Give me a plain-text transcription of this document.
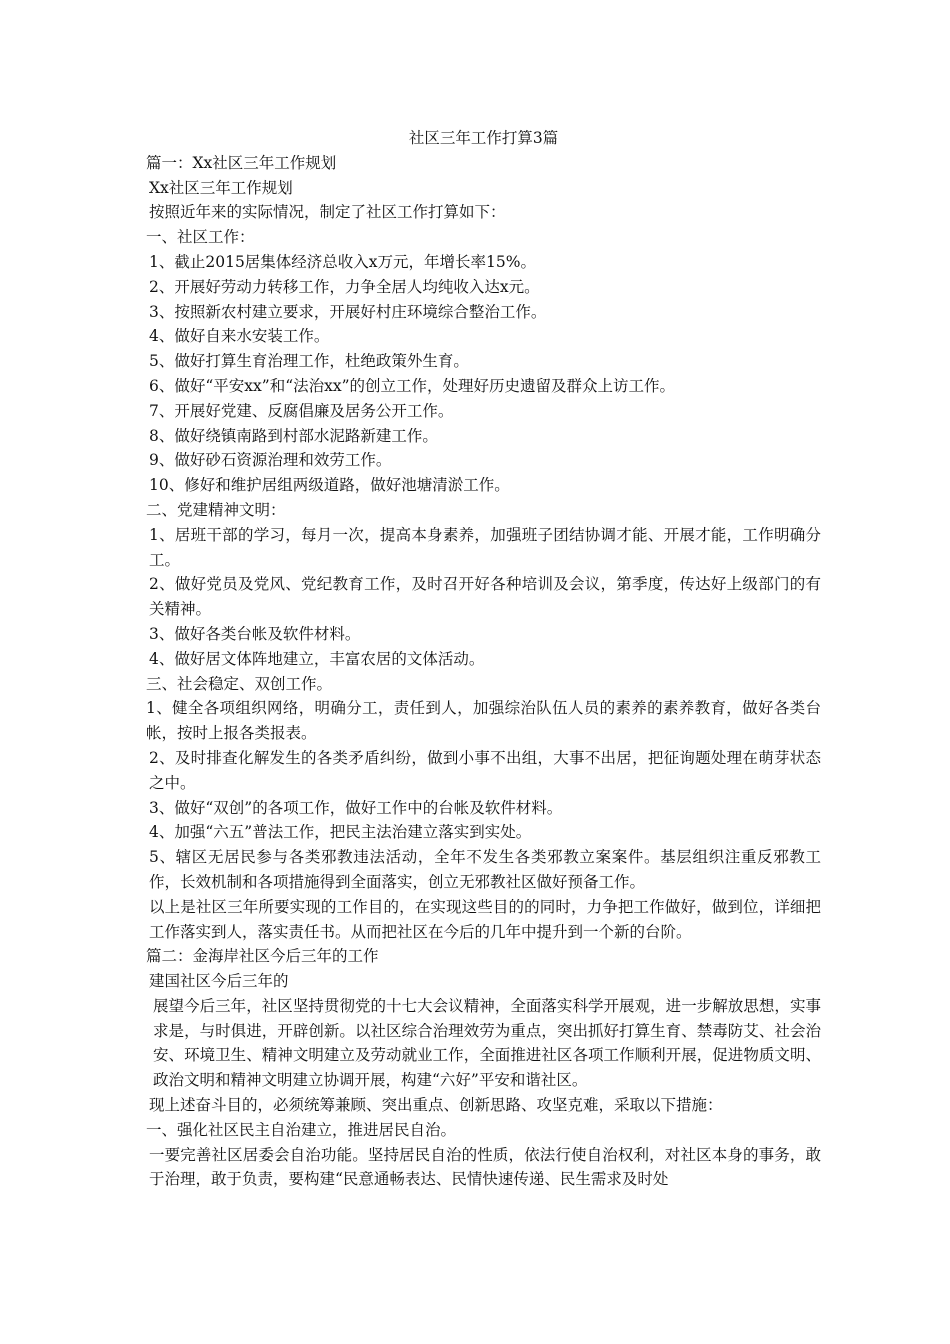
社区三年工作打算3篇
篇一：Xx社区三年工作规划
Xx社区三年工作规划
按照近年来的实际情况，制定了社区工作打算如下：
一、社区工作：
1、截止2015居集体经济总收入x万元，年增长率15%。
2、开展好劳动力转移工作，力争全居人均纯收入达x元。
3、按照新农村建立要求，开展好村庄环境综合整治工作。
4、做好自来水安装工作。
5、做好打算生育治理工作，杜绝政策外生育。
6、做好“平安xx”和“法治xx”的创立工作，处理好历史遗留及群众上访工作。
7、开展好党建、反腐倡廉及居务公开工作。
8、做好绕镇南路到村部水泥路新建工作。
9、做好砂石资源治理和效劳工作。
10、修好和维护居组两级道路，做好池塘清淤工作。
二、党建精神文明：
1、居班干部的学习，每月一次，提高本身素养，加强班子团结协调才能、开展才能，工作明确分工。
2、做好党员及党风、党纪教育工作，及时召开好各种培训及会议，第季度，传达好上级部门的有关精神。
3、做好各类台帐及软件材料。
4、做好居文体阵地建立，丰富农居的文体活动。
三、社会稳定、双创工作。
1、健全各项组织网络，明确分工，责任到人，加强综治队伍人员的素养的素养教育，做好各类台帐，按时上报各类报表。
2、及时排查化解发生的各类矛盾纠纷，做到小事不出组，大事不出居，把征询题处理在萌芽状态之中。
3、做好“双创”的各项工作，做好工作中的台帐及软件材料。
4、加强“六五”普法工作，把民主法治建立落实到实处。
5、辖区无居民参与各类邪教违法活动，全年不发生各类邪教立案案件。基层组织注重反邪教工作，长效机制和各项措施得到全面落实，创立无邪教社区做好预备工作。
以上是社区三年所要实现的工作目的，在实现这些目的的同时，力争把工作做好，做到位，详细把工作落实到人，落实责任书。从而把社区在今后的几年中提升到一个新的台阶。
篇二：金海岸社区今后三年的工作
建国社区今后三年的
展望今后三年，社区坚持贯彻党的十七大会议精神，全面落实科学开展观，进一步解放思想，实事求是，与时俱进，开辟创新。以社区综合治理效劳为重点，突出抓好打算生育、禁毒防艾、社会治安、环境卫生、精神文明建立及劳动就业工作，全面推进社区各项工作顺利开展，促进物质文明、政治文明和精神文明建立协调开展，构建“六好”平安和谐社区。
现上述奋斗目的，必须统筹兼顾、突出重点、创新思路、攻坚克难，采取以下措施：
一、强化社区民主自治建立，推进居民自治。
一要完善社区居委会自治功能。坚持居民自治的性质，依法行使自治权利，对社区本身的事务，敢于治理，敢于负责，要构建“民意通畅表达、民情快速传递、民生需求及时处
